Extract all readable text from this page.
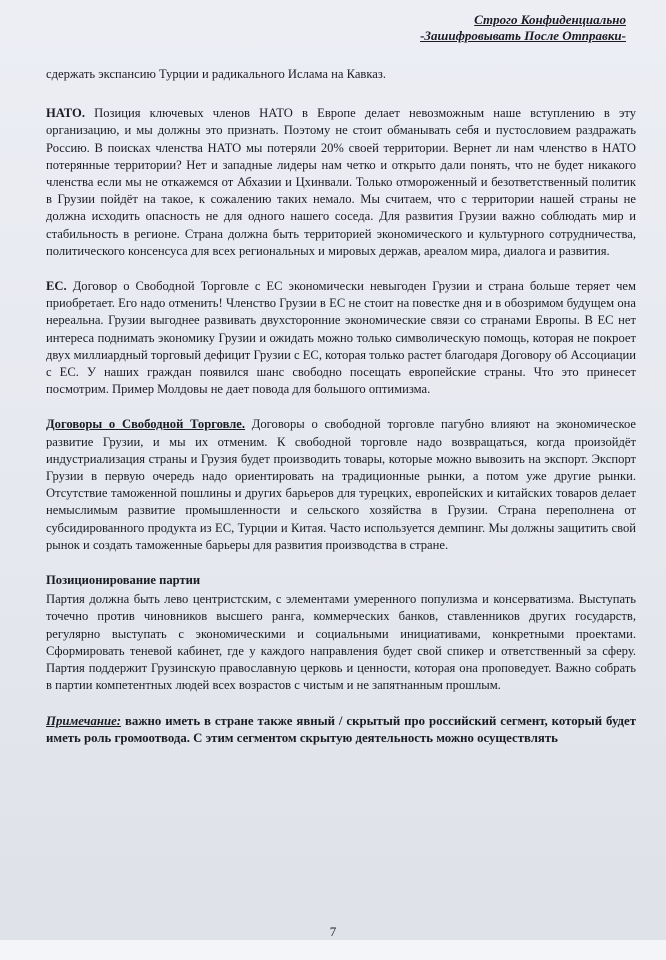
Строго Конфиденциально
-Зашифровывать После Отправки-

сдержать экспансию Турции и радикального Ислама на Кавказ.

НАТО. Позиция ключевых членов НАТО в Европе делает невозможным наше вступлению в эту организацию, и мы должны это признать. Поэтому не стоит обманывать себя и пустословием раздражать Россию. В поисках членства НАТО мы потеряли 20% своей территории. Вернет ли нам членство в НАТО потерянные территории? Нет и западные лидеры нам четко и открыто дали понять, что не будет никакого членства если мы не откажемся от Абхазии и Цхинвали. Только отмороженный и безответственный политик в Грузии пойдёт на такое, к сожалению таких немало. Мы считаем, что с территории нашей страны не должна исходить опасность не для одного нашего соседа. Для развития Грузии важно соблюдать мир и стабильность в регионе. Страна должна быть территорией экономического и культурного сотрудничества, политического консенсуса для всех региональных и мировых держав, ареалом мира, диалога и развития.

ЕС. Договор о Свободной Торговле с ЕС экономически невыгоден Грузии и страна больше теряет чем приобретает. Его надо отменить! Членство Грузии в ЕС не стоит на повестке дня и в обозримом будущем она нереальна. Грузии выгоднее развивать двухсторонние экономические связи со странами Европы. В ЕС нет интереса поднимать экономику Грузии и ожидать можно только символическую помощь, которая не покроет двух миллиардный торговый дефицит Грузии с ЕС, которая только растет благодаря Договору об Ассоциации с ЕС. У наших граждан появился шанс свободно посещать европейские страны. Что это принесет посмотрим. Пример Молдовы не дает повода для большого оптимизма.

Договоры о Свободной Торговле. Договоры о свободной торговле пагубно влияют на экономическое развитие Грузии, и мы их отменим. К свободной торговле надо возвращаться, когда произойдёт индустриализация страны и Грузия будет производить товары, которые можно вывозить на экспорт. Экспорт Грузии в первую очередь надо ориентировать на традиционные рынки, а потом уже другие рынки. Отсутствие таможенной пошлины и других барьеров для турецких, европейских и китайских товаров делает немыслимым развитие промышленности и сельского хозяйства в Грузии. Страна переполнена от субсидированного продукта из ЕС, Турции и Китая. Часто используется демпинг. Мы должны защитить свой рынок и создать таможенные барьеры для развития производства в стране.

Позиционирование партии

Партия должна быть лево центристским, с элементами умеренного популизма и консерватизма. Выступать точечно против чиновников высшего ранга, коммерческих банков, ставленников других государств, регулярно выступать с экономическими и социальными инициативами, конкретными проектами. Сформировать теневой кабинет, где у каждого направления будет свой спикер и ответственный за сферу. Партия поддержит Грузинскую православную церковь и ценности, которая она проповедует. Важно собрать в партии компетентных людей всех возрастов с чистым и не запятнанным прошлым.

Примечание: важно иметь в стране также явный / скрытый про российский сегмент, который будет иметь роль громоотвода. С этим сегментом скрытую деятельность можно осуществлять
7
